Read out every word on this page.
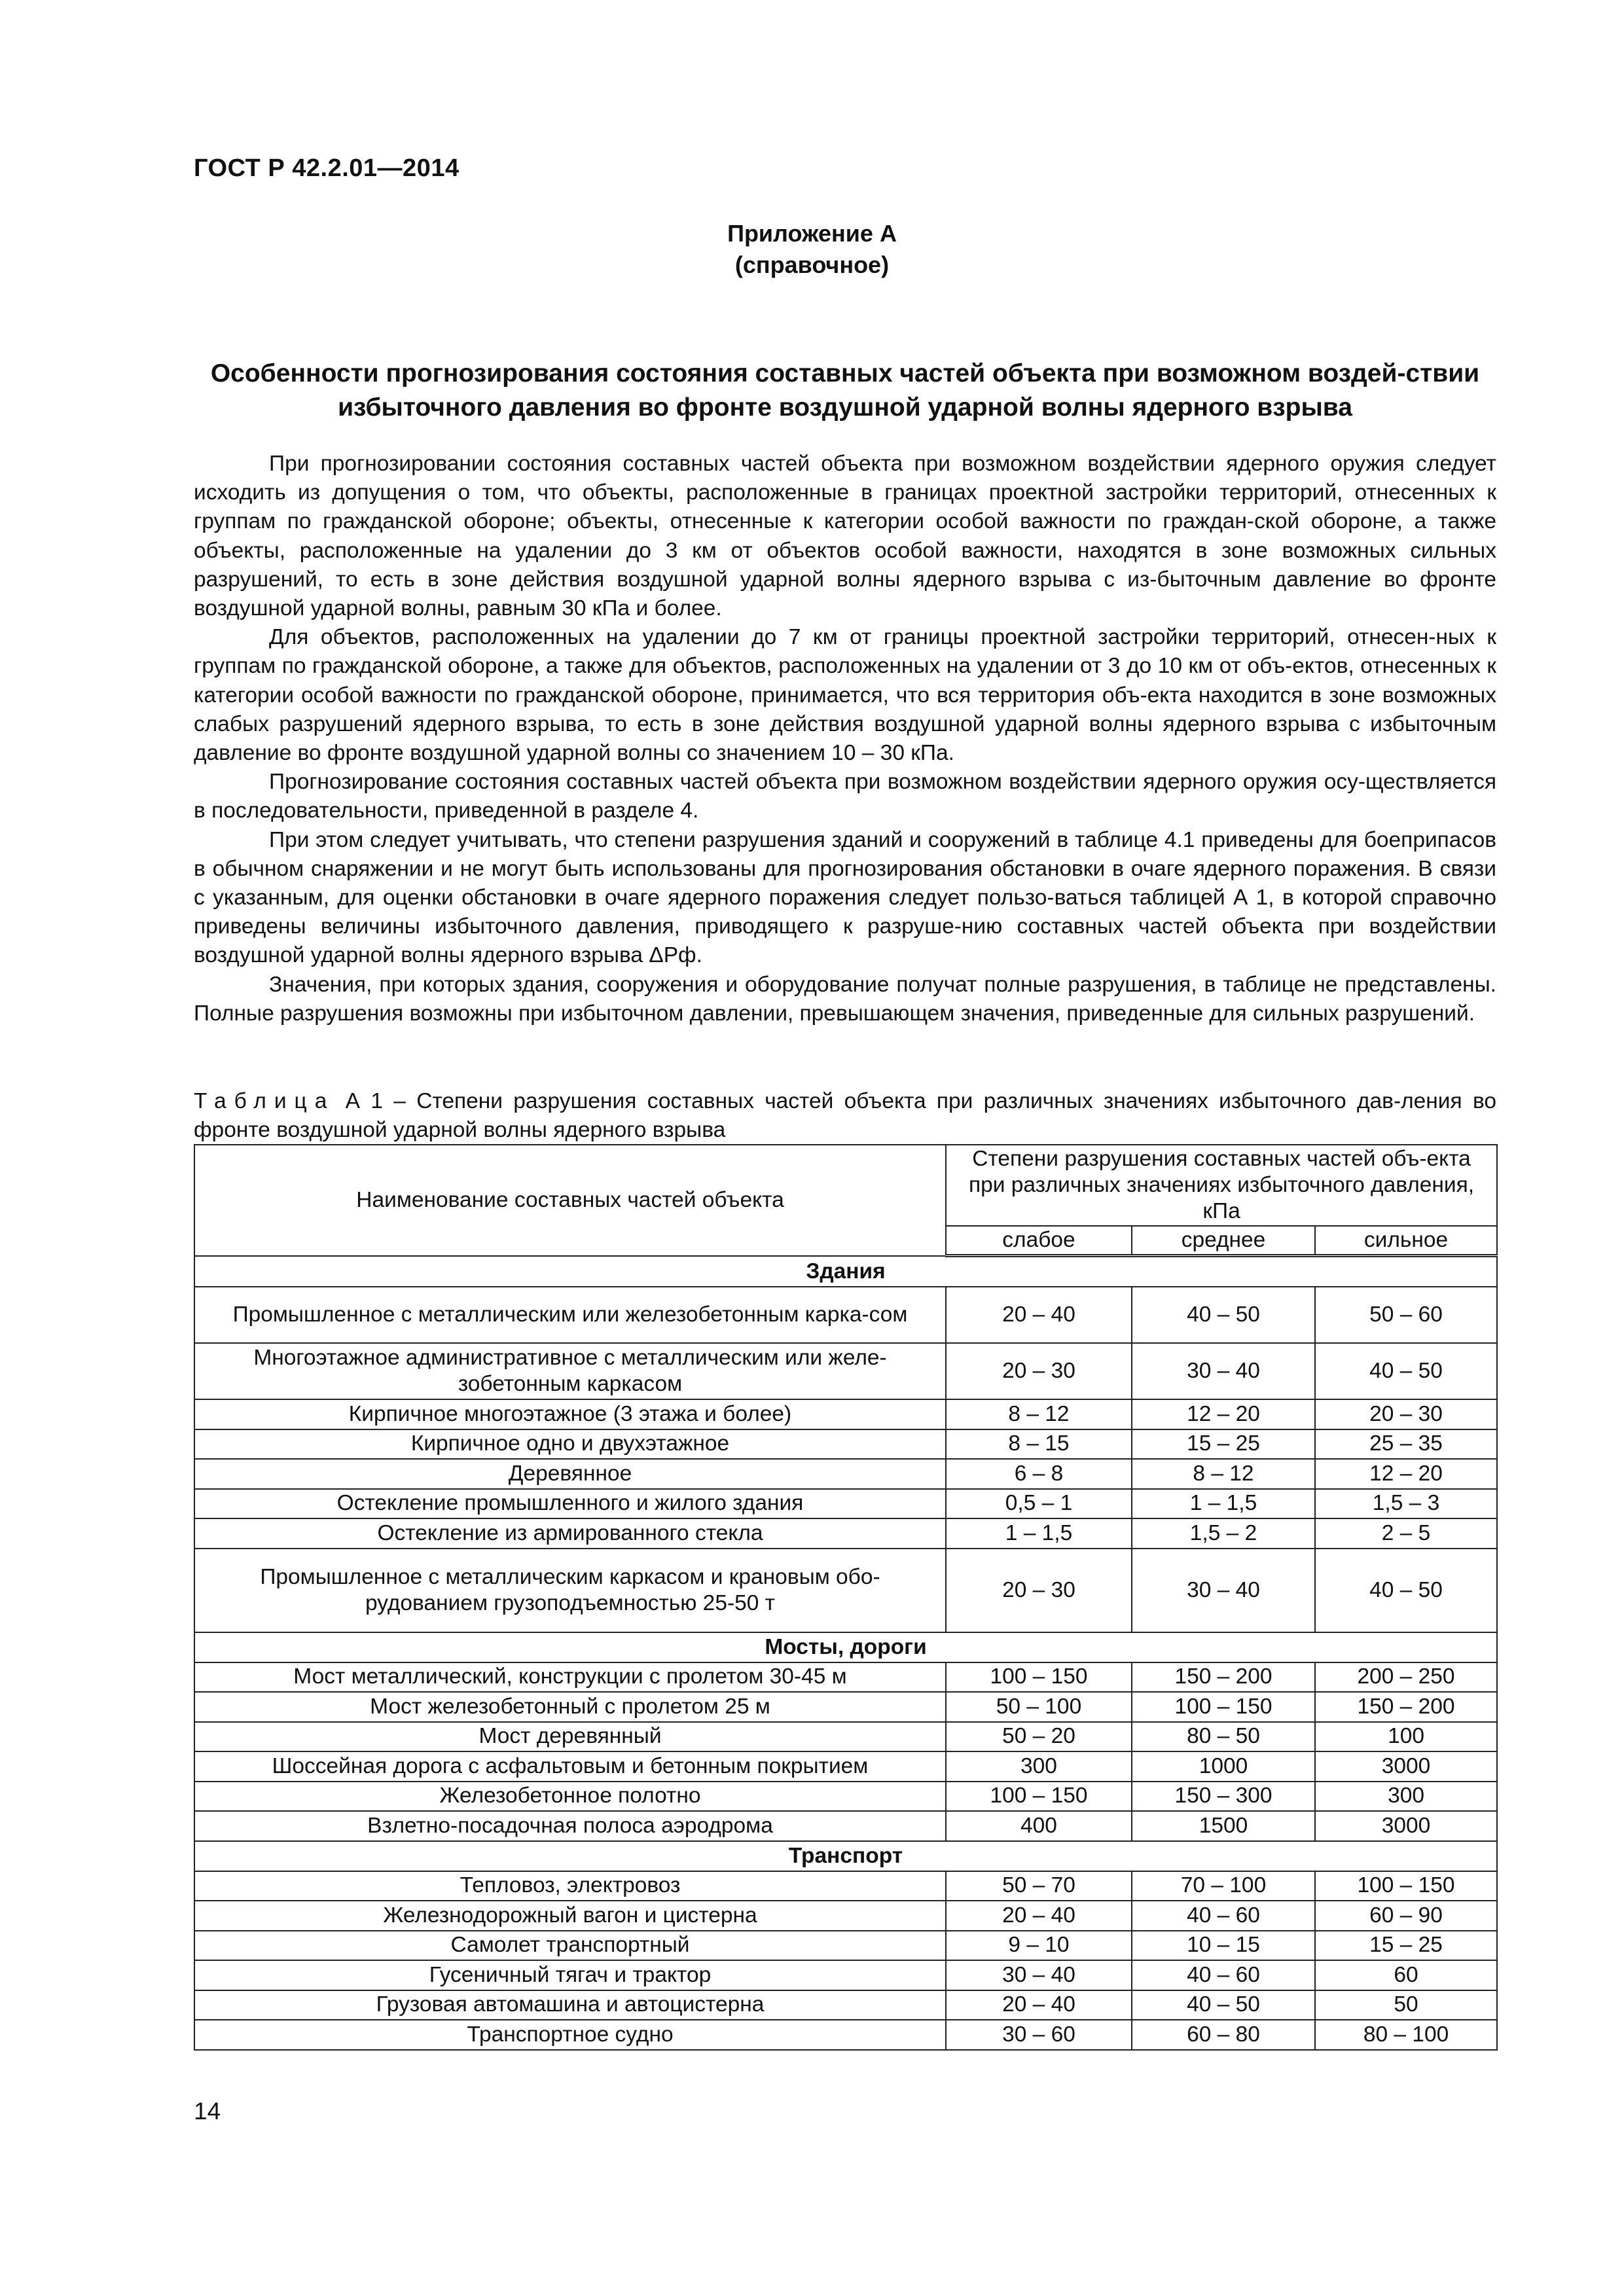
ГОСТ Р 42.2.01—2014
Приложение А
(справочное)
Особенности прогнозирования состояния составных частей объекта при возможном воздей-ствии избыточного давления во фронте воздушной ударной волны ядерного взрыва

При прогнозировании состояния составных частей объекта при возможном воздействии ядерного оружия следует исходить из допущения о том, что объекты, расположенные в границах проектной застройки территорий, отнесенных к группам по гражданской обороне; объекты, отнесенные к категории особой важности по граждан-ской обороне, а также объекты, расположенные на удалении до 3 км от объектов особой важности, находятся в зоне возможных сильных разрушений, то есть в зоне действия воздушной ударной волны ядерного взрыва с из-быточным давление во фронте воздушной ударной волны, равным 30 кПа и более.

Для объектов, расположенных на удалении до 7 км от границы проектной застройки территорий, отнесен-ных к группам по гражданской обороне, а также для объектов, расположенных на удалении от 3 до 10 км от объ-ектов, отнесенных к категории особой важности по гражданской обороне, принимается, что вся территория объ-екта находится в зоне возможных слабых разрушений ядерного взрыва, то есть в зоне действия воздушной ударной волны ядерного взрыва с избыточным давление во фронте воздушной ударной волны со значением 10 – 30 кПа.

Прогнозирование состояния составных частей объекта при возможном воздействии ядерного оружия осу-ществляется в последовательности, приведенной в разделе 4.

При этом следует учитывать, что степени разрушения зданий и сооружений в таблице 4.1 приведены для боеприпасов в обычном снаряжении и не могут быть использованы для прогнозирования обстановки в очаге ядерного поражения. В связи с указанным, для оценки обстановки в очаге ядерного поражения следует пользо-ваться таблицей А 1, в которой справочно приведены величины избыточного давления, приводящего к разруше-нию составных частей объекта при воздействии воздушной ударной волны ядерного взрыва ΔPф.

Значения, при которых здания, сооружения и оборудование получат полные разрушения, в таблице не представлены. Полные разрушения возможны при избыточном давлении, превышающем значения, приведенные для сильных разрушений.

Таблица А 1 – Степени разрушения составных частей объекта при различных значениях избыточного дав-ления во фронте воздушной ударной волны ядерного взрыва
Наименование составных частей объекта	Степени разрушения составных частей объ-екта при различных значениях избыточного давления, кПа		
	слабое	среднее	сильное
Здания			
Промышленное с металлическим или железобетонным карка-сом	20 – 40	40 – 50	50 – 60
Многоэтажное административное с металлическим или желе-зобетонным каркасом	20 – 30	30 – 40	40 – 50
Кирпичное многоэтажное (3 этажа и более)	8 – 12	12 – 20	20 – 30
Кирпичное одно и двухэтажное	8 – 15	15 – 25	25 – 35
Деревянное	6 – 8	8 – 12	12 – 20
Остекление промышленного и жилого здания	0,5 – 1	1 – 1,5	1,5 – 3
Остекление из армированного стекла	1 – 1,5	1,5 – 2	2 – 5
Промышленное с металлическим каркасом и крановым обо-рудованием грузоподъемностью 25-50 т	20 – 30	30 – 40	40 – 50
Мосты, дороги			
Мост металлический, конструкции с пролетом 30-45 м	100 – 150	150 – 200	200 – 250
Мост железобетонный с пролетом 25 м	50 – 100	100 – 150	150 – 200
Мост деревянный	50 – 20	80 – 50	100
Шоссейная дорога с асфальтовым и бетонным покрытием	300	1000	3000
Железобетонное полотно	100 – 150	150 – 300	300
Взлетно-посадочная полоса аэродрома	400	1500	3000
Транспорт			
Тепловоз, электровоз	50 – 70	70 – 100	100 – 150
Железнодорожный вагон и цистерна	20 – 40	40 – 60	60 – 90
Самолет транспортный	9 – 10	10 – 15	15 – 25
Гусеничный тягач и трактор	30 – 40	40 – 60	60
Грузовая автомашина и автоцистерна	20 – 40	40 – 50	50
Транспортное судно	30 – 60	60 – 80	80 – 100
14
